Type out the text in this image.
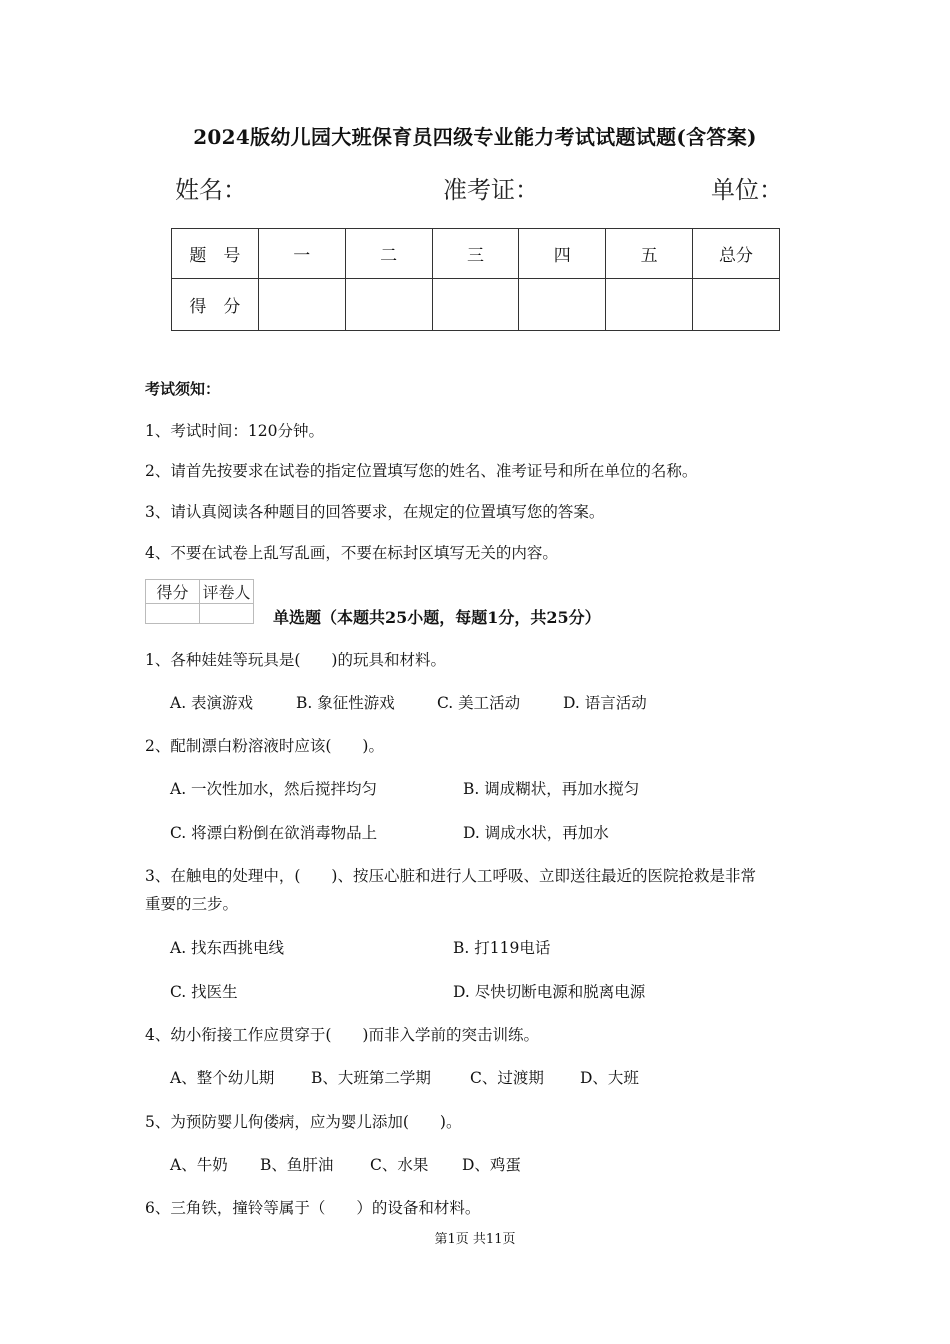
2024版幼儿园大班保育员四级专业能力考试试题试题(含答案)
姓名：	准考证：	单位：
题　号	一	二	三	四	五	总分
得　分						
考试须知：
1、考试时间：120分钟。
2、请首先按要求在试卷的指定位置填写您的姓名、准考证号和所在单位的名称。
3、请认真阅读各种题目的回答要求，在规定的位置填写您的答案。
4、不要在试卷上乱写乱画，不要在标封区填写无关的内容。
得分	评卷人

单选题（本题共25小题，每题1分，共25分）
1、各种娃娃等玩具是(　　)的玩具和材料。
A. 表演游戏	B. 象征性游戏	C. 美工活动	D. 语言活动
2、配制漂白粉溶液时应该(　　)。
A. 一次性加水，然后搅拌均匀	B. 调成糊状，再加水搅匀
C. 将漂白粉倒在欲消毒物品上	D. 调成水状，再加水
3、在触电的处理中，(　　)、按压心脏和进行人工呼吸、立即送往最近的医院抢救是非常
重要的三步。
A. 找东西挑电线	B. 打119电话
C. 找医生	D. 尽快切断电源和脱离电源
4、幼小衔接工作应贯穿于(　　)而非入学前的突击训练。
A、整个幼儿期 B、大班第二学期	C、过渡期 D、大班
5、为预防婴儿佝偻病，应为婴儿添加(　　)。
A、牛奶 B、鱼肝油 C、水果 D、鸡蛋
6、三角铁，撞铃等属于（　　）的设备和材料。
第1页 共11页
